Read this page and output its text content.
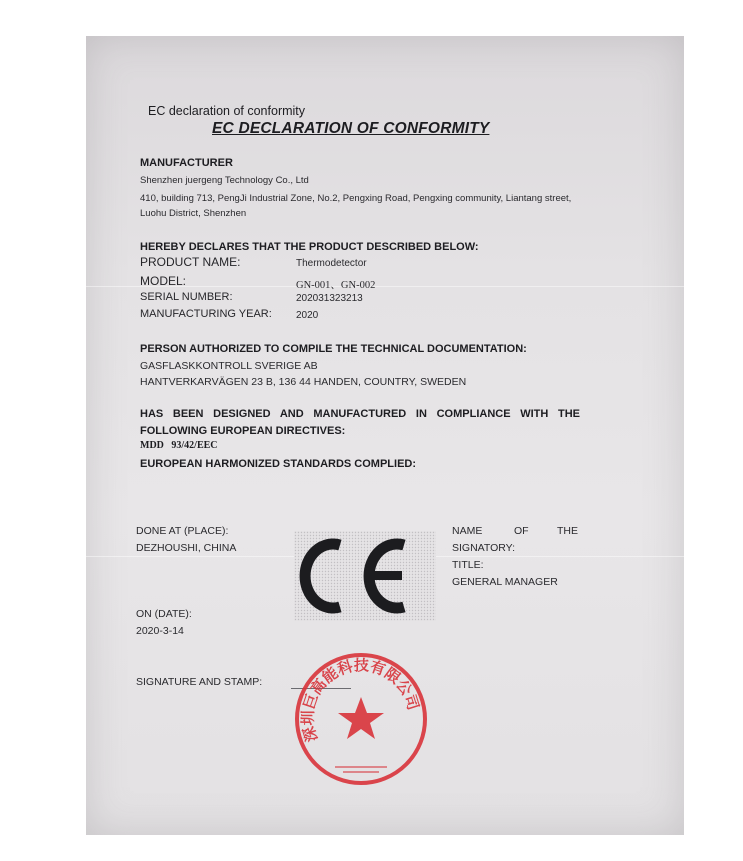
EC declaration of conformity
EC DECLARATION OF CONFORMITY
MANUFACTURER
Shenzhen juergeng Technology Co., Ltd
410, building 713, PengJi Industrial Zone, No.2, Pengxing Road, Pengxing community, Liantang street,
Luohu District, Shenzhen
HEREBY DECLARES THAT THE PRODUCT DESCRIBED BELOW:
PRODUCT NAME:	Thermodetector
MODEL:	GN-001、GN-002
SERIAL NUMBER:	202031323213
MANUFACTURING YEAR: 2020
PERSON AUTHORIZED TO COMPILE THE TECHNICAL DOCUMENTATION:
GASFLASKKONTROLL SVERIGE AB
HANTVERKARVÄGEN 23 B, 136 44 HANDEN, COUNTRY, SWEDEN
HAS BEEN DESIGNED AND MANUFACTURED IN COMPLIANCE WITH THE
FOLLOWING EUROPEAN DIRECTIVES:
MDD   93/42/EEC
EUROPEAN HARMONIZED STANDARDS COMPLIED:
DONE AT (PLACE):
DEZHOUSHI, CHINA
NAME	OF	THE
SIGNATORY:
TITLE:
GENERAL MANAGER
ON (DATE):
2020-3-14
SIGNATURE AND STAMP:
深圳巨高能科技有限公司
